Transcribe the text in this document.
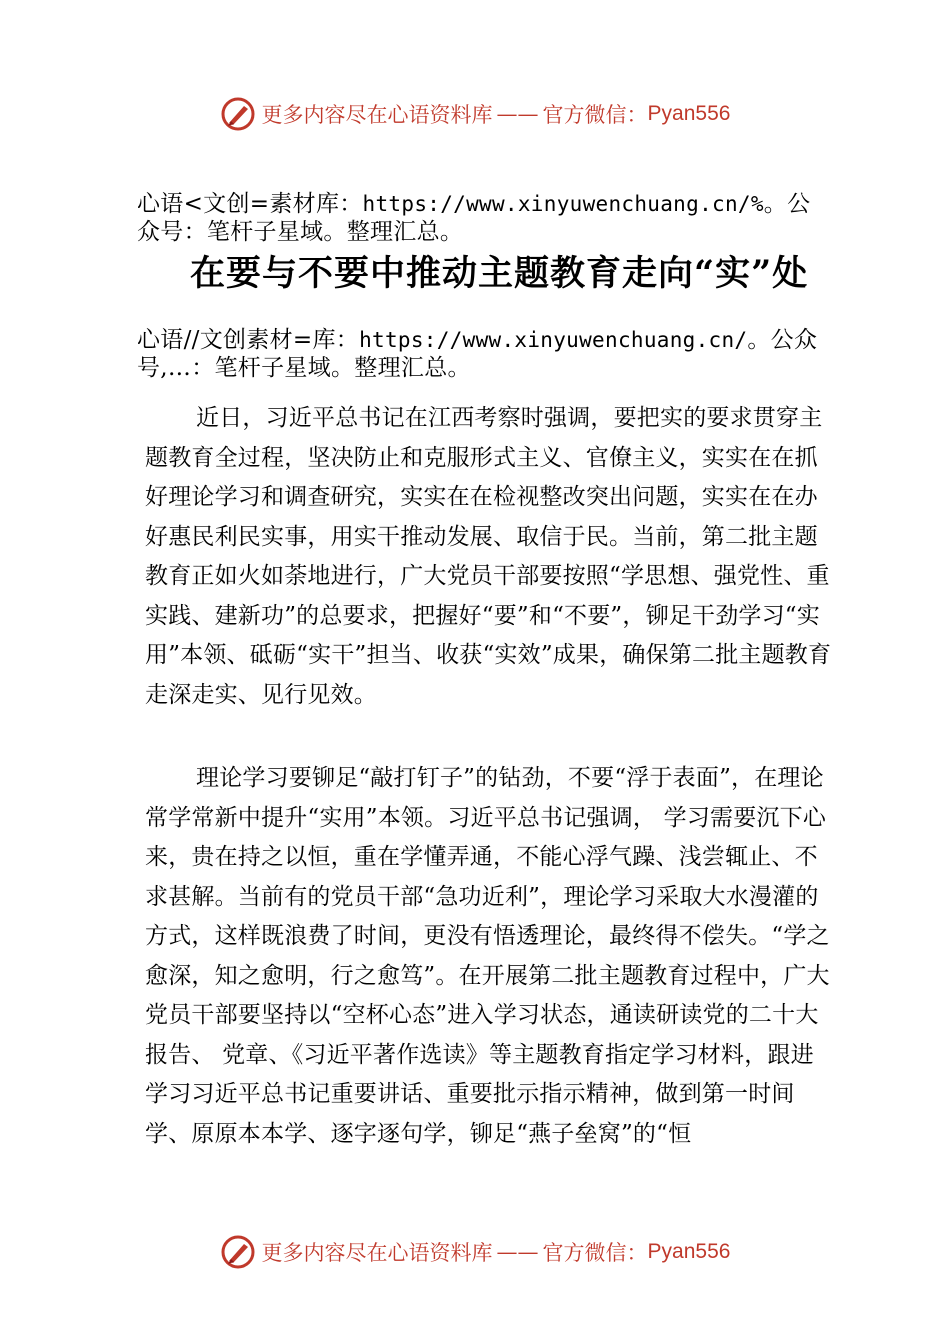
更多内容尽在心语资料库 —— 官方微信： Pyan556
心语<文创=素材库：https://www.xinyuwenchuang.cn/%。公众号：笔杆子星域。整理汇总。
在要与不要中推动主题教育走向“实”处
心语//文创素材=库：https://www.xinyuwenchuang.cn/。公众号,…：笔杆子星域。整理汇总。

近日，习近平总书记在江西考察时强调，要把实的要求贯穿主题教育全过程，坚决防止和克服形式主义、官僚主义，实实在在抓好理论学习和调查研究，实实在在检视整改突出问题，实实在在办好惠民利民实事，用实干推动发展、取信于民。当前，第二批主题教育正如火如荼地进行，广大党员干部要按照“学思想、强党性、重实践、建新功”的总要求，把握好“要”和“不要”，铆足干劲学习“实用”本领、砥砺“实干”担当、收获“实效”成果，确保第二批主题教育走深走实、见行见效。

理论学习要铆足“敲打钉子”的钻劲，不要“浮于表面”，在理论常学常新中提升“实用”本领。习近平总书记强调， 学习需要沉下心来，贵在持之以恒，重在学懂弄通，不能心浮气躁、浅尝辄止、不求甚解。当前有的党员干部“急功近利”，理论学习采取大水漫灌的方式，这样既浪费了时间，更没有悟透理论，最终得不偿失。“学之愈深，知之愈明，行之愈笃”。在开展第二批主题教育过程中，广大党员干部要坚持以“空杯心态”进入学习状态，通读研读党的二十大报告、 党章、《习近平著作选读》等主题教育指定学习材料，跟进学习习近平总书记重要讲话、重要批示指示精神，做到第一时间学、原原本本学、逐字逐句学，铆足“燕子垒窝”的“恒

更多内容尽在心语资料库 —— 官方微信： Pyan556
